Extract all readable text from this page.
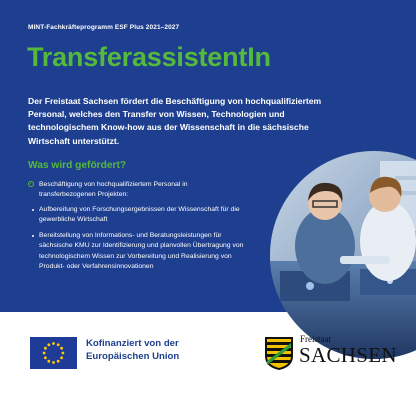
MINT-Fachkräfteprogramm ESF Plus 2021–2027
TransferassistentIn
Der Freistaat Sachsen fördert die Beschäftigung von hochqualifiziertem Personal, welches den Transfer von Wissen, Technologien und technologischem Know-how aus der Wissenschaft in die sächsische Wirtschaft unterstützt.
Was wird gefördert?
Beschäftigung von hochqualifiziertem Personal in transferbezogenen Projekten:
Aufbereitung von Forschungsergebnissen der Wissenschaft für die gewerbliche Wirtschaft
Bereitstellung von Informations- und Beratungsleistungen für sächsische KMU zur Identifizierung und planvollen Übertragung von technologischem Wissen zur Vorbereitung und Realisierung von Produkt- oder Verfahrensinnovationen
Kofinanziert von der
Europäischen Union
Freistaat
SACHSEN
